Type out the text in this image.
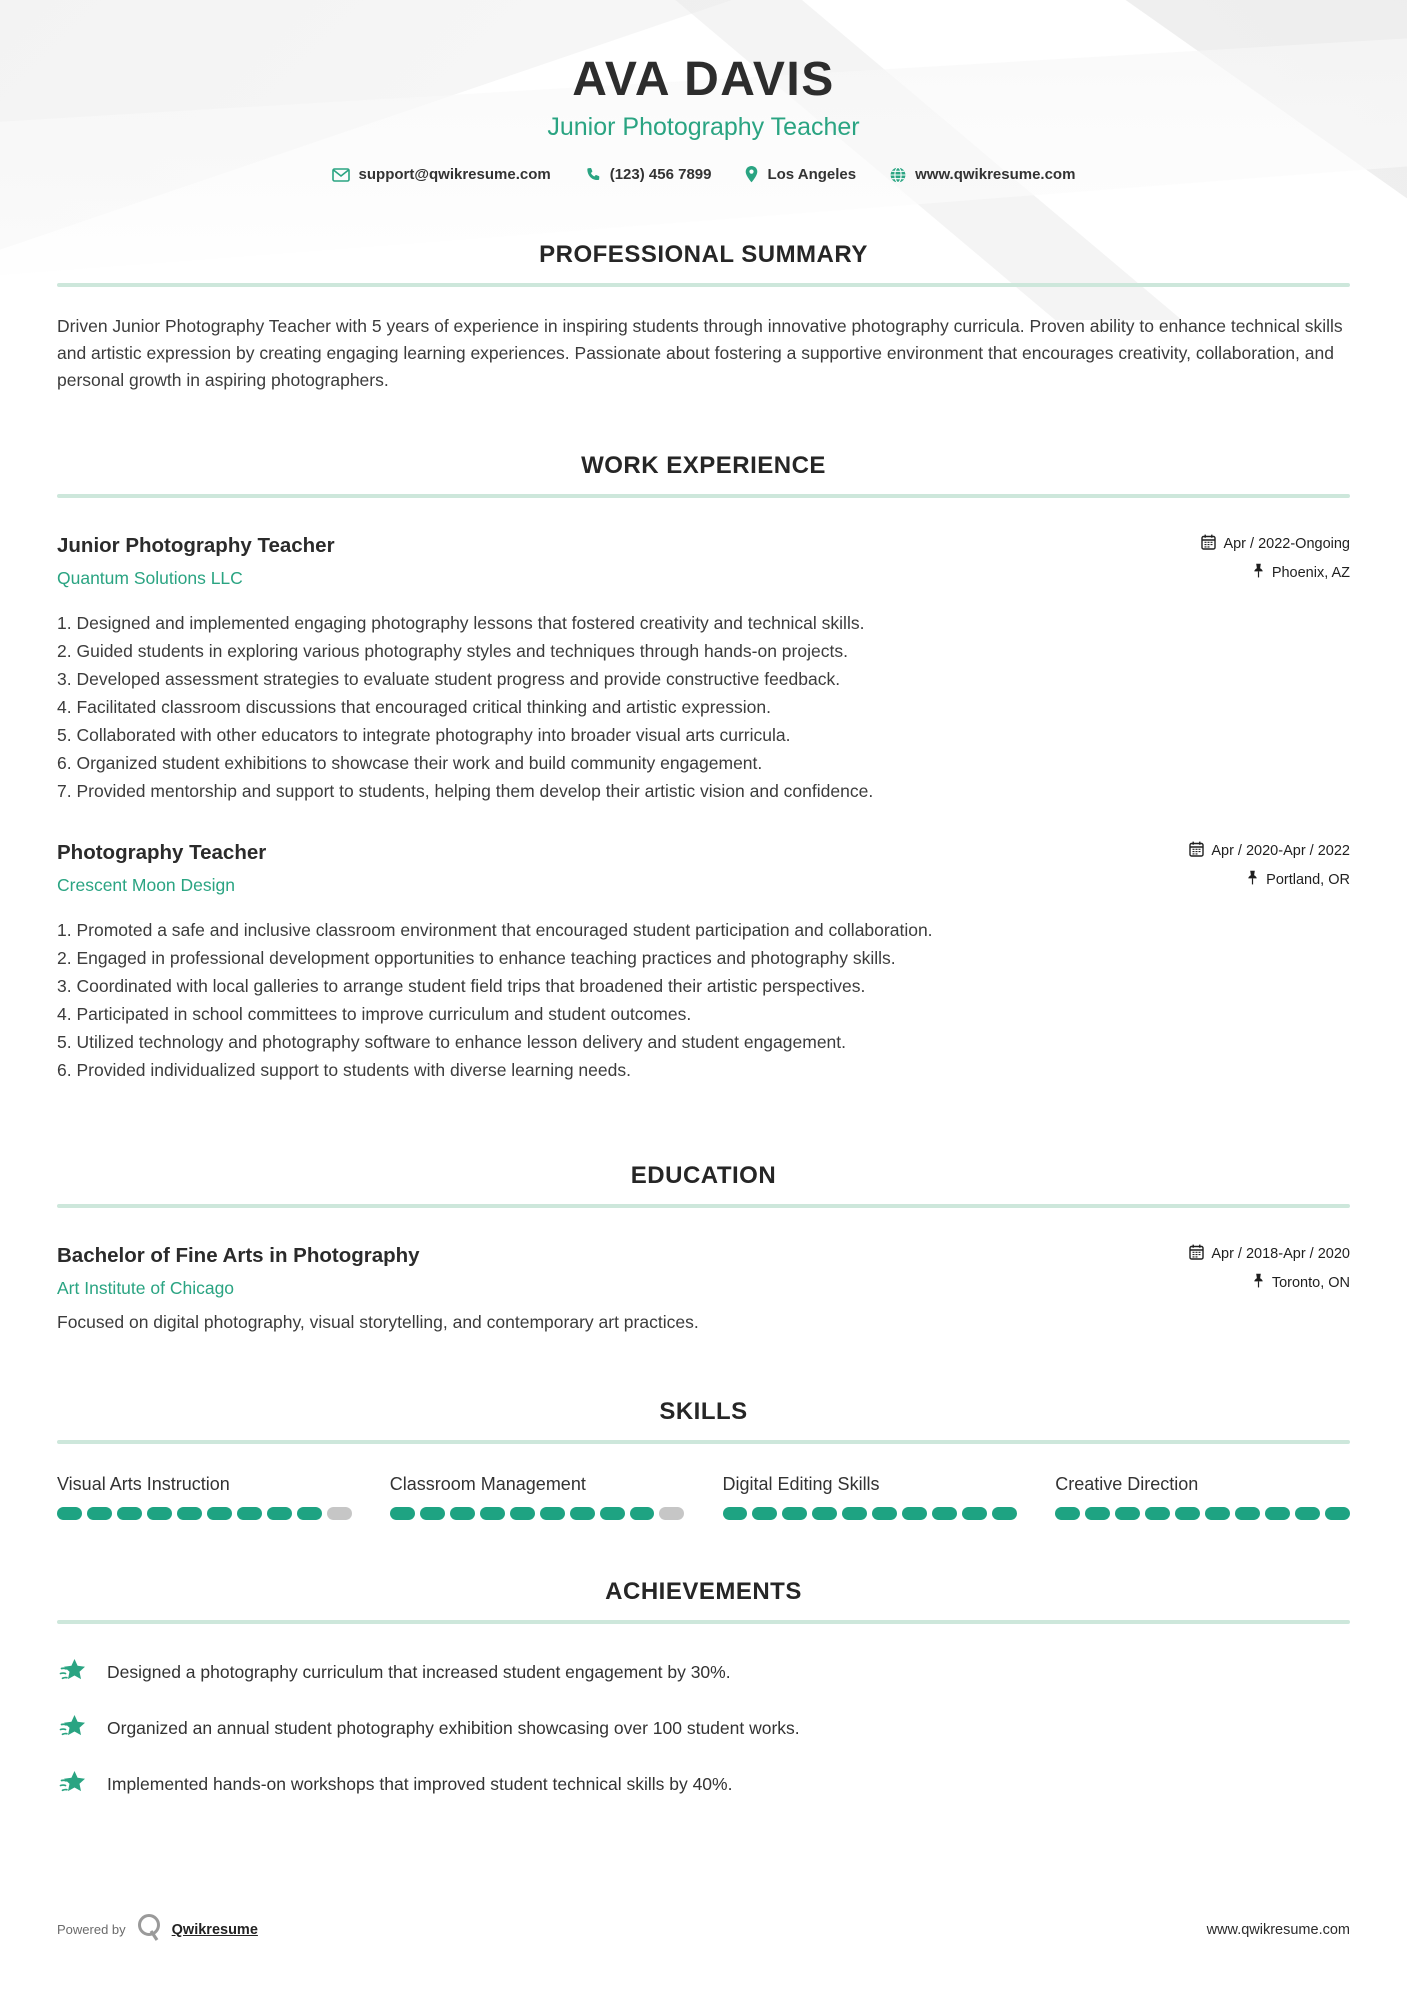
AVA DAVIS
Junior Photography Teacher
support@qwikresume.com	(123) 456 7899	Los Angeles	www.qwikresume.com
PROFESSIONAL SUMMARY

Driven Junior Photography Teacher with 5 years of experience in inspiring students through innovative photography curricula. Proven ability to enhance technical skills and artistic expression by creating engaging learning experiences. Passionate about fostering a supportive environment that encourages creativity, collaboration, and personal growth in aspiring photographers.

WORK EXPERIENCE
Junior Photography Teacher
Quantum Solutions LLC
Apr / 2022-Ongoing
Phoenix, AZ
Designed and implemented engaging photography lessons that fostered creativity and technical skills.
Guided students in exploring various photography styles and techniques through hands-on projects.
Developed assessment strategies to evaluate student progress and provide constructive feedback.
Facilitated classroom discussions that encouraged critical thinking and artistic expression.
Collaborated with other educators to integrate photography into broader visual arts curricula.
Organized student exhibitions to showcase their work and build community engagement.
Provided mentorship and support to students, helping them develop their artistic vision and confidence.
Photography Teacher
Crescent Moon Design
Apr / 2020-Apr / 2022
Portland, OR
Promoted a safe and inclusive classroom environment that encouraged student participation and collaboration.
Engaged in professional development opportunities to enhance teaching practices and photography skills.
Coordinated with local galleries to arrange student field trips that broadened their artistic perspectives.
Participated in school committees to improve curriculum and student outcomes.
Utilized technology and photography software to enhance lesson delivery and student engagement.
Provided individualized support to students with diverse learning needs.
EDUCATION
Bachelor of Fine Arts in Photography
Art Institute of Chicago
Apr / 2018-Apr / 2020
Toronto, ON

Focused on digital photography, visual storytelling, and contemporary art practices.

SKILLS
Visual Arts Instruction	Classroom Management	Digital Editing Skills	Creative Direction
ACHIEVEMENTS
Designed a photography curriculum that increased student engagement by 30%.
Organized an annual student photography exhibition showcasing over 100 student works.
Implemented hands-on workshops that improved student technical skills by 40%.
Powered by	Qwikresume	www.qwikresume.com
